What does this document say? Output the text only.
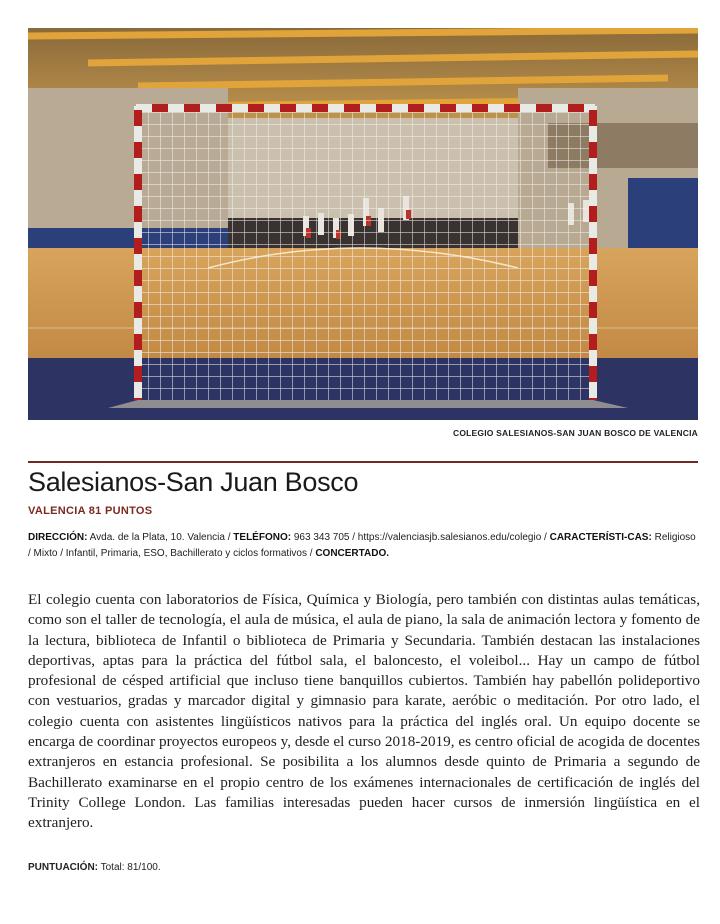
COLEGIO SALESIANOS-SAN JUAN BOSCO DE VALENCIA
Salesianos-San Juan Bosco
VALENCIA 81 PUNTOS
DIRECCIÓN: Avda. de la Plata, 10. Valencia / TELÉFONO: 963 343 705 / https://valenciasjb.salesianos.edu/colegio / CARACTERÍSTI-CAS: Religioso / Mixto / Infantil, Primaria, ESO, Bachillerato y ciclos formativos / CONCERTADO.
El colegio cuenta con laboratorios de Física, Química y Biología, pero también con distintas aulas temáticas, como son el taller de tecnología, el aula de música, el aula de piano, la sala de animación lectora y fomento de la lectura, biblioteca de Infantil o biblioteca de Primaria y Secundaria. También destacan las instalaciones deportivas, aptas para la práctica del fútbol sala, el baloncesto, el voleibol... Hay un campo de fútbol profesional de césped artificial que incluso tiene banquillos cubiertos. También hay pabellón polideportivo con vestuarios, gradas y marcador digital y gimnasio para karate, aeróbic o meditación. Por otro lado, el colegio cuenta con asistentes lingüísticos nativos para la práctica del inglés oral. Un equipo docente se encarga de coordinar proyectos europeos y, desde el curso 2018-2019, es centro oficial de acogida de docentes extranjeros en estancia profesional. Se posibilita a los alumnos desde quinto de Primaria a segundo de Bachillerato examinarse en el propio centro de los exámenes internacionales de certificación de inglés del Trinity College London. Las familias interesadas pueden hacer cursos de inmersión lingüística en el extranjero.
PUNTUACIÓN: Total: 81/100.
